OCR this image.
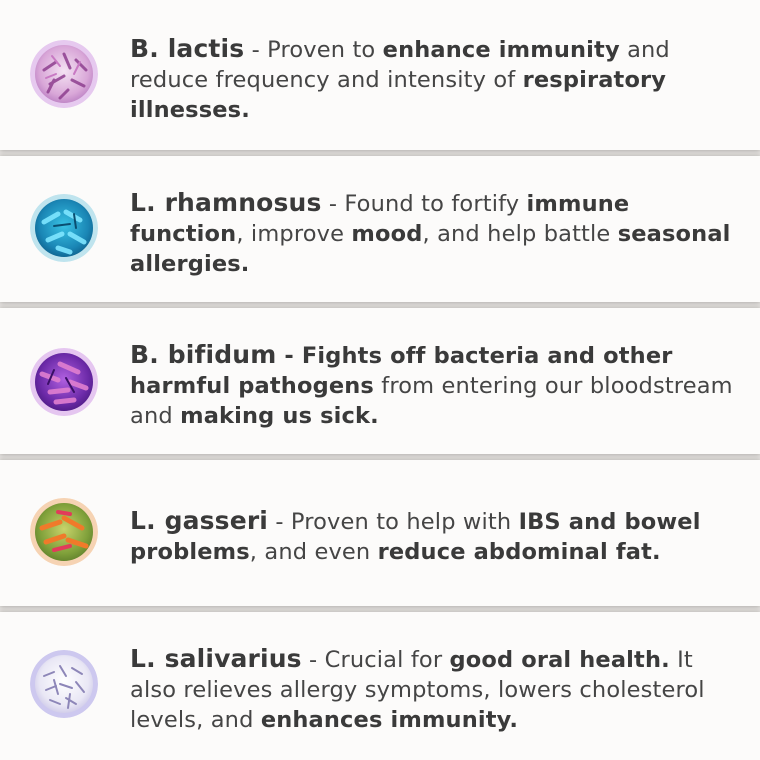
B. lactis - Proven to enhance immunity and reduce frequency and intensity of respiratory illnesses.
L. rhamnosus - Found to fortify immune function, improve mood, and help battle seasonal allergies.
B. bifidum - Fights off bacteria and other harmful pathogens from entering our bloodstream and making us sick.
L. gasseri - Proven to help with IBS and bowel problems, and even reduce abdominal fat.
L. salivarius - Crucial for good oral health. It also relieves allergy symptoms, lowers cholesterol levels, and enhances immunity.
